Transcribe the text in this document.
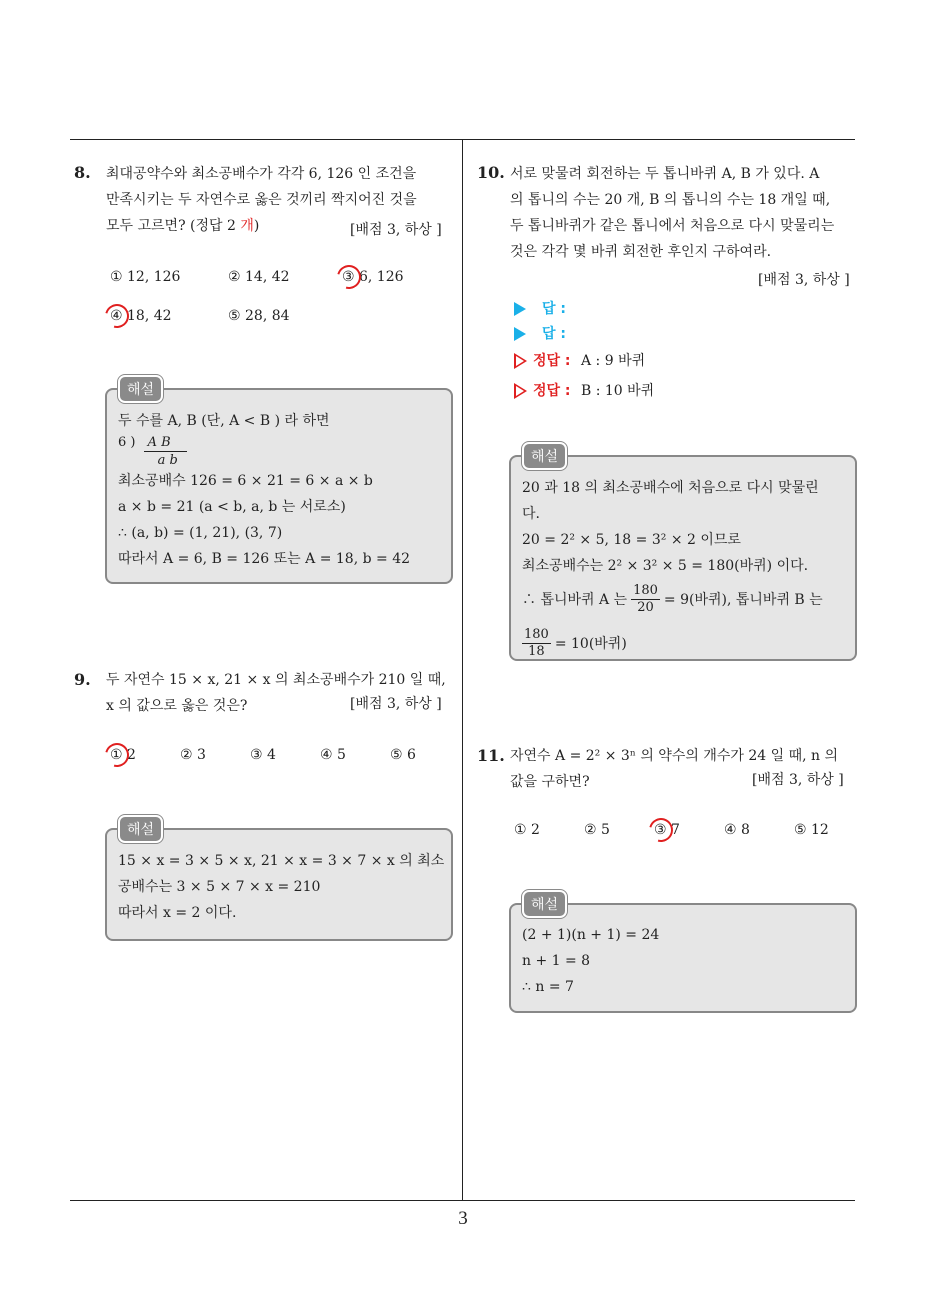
8. 최대공약수와 최소공배수가 각각 6, 126 인 조건을
만족시키는 두 자연수로 옳은 것끼리 짝지어진 것을
모두 고르면? (정답 2 개)	[배점 3, 하상 ]
① 12, 126	② 14, 42	③ 6, 126
④ 18, 42	⑤ 28, 84
두 수를 A, B (단, A < B ) 라 하면
6 ) $\frac{\text{A B}}{\text{a b}}$
최소공배수 126 = 6 × 21 = 6 × a × b
a × b = 21 (a < b, a, b 는 서로소)
∴ (a, b) = (1, 21), (3, 7)
따라서 A = 6, B = 126 또는 A = 18, b = 42
해설
9. 두 자연수 15 × x, 21 × x 의 최소공배수가 210 일 때,
x 의 값으로 옳은 것은?	[배점 3, 하상 ]
① 2	② 3	③ 4	④ 5	⑤ 6
15 × x = 3 × 5 × x, 21 × x = 3 × 7 × x 의 최소
공배수는 3 × 5 × 7 × x = 210
따라서 x = 2 이다.
해설
10. 서로 맞물려 회전하는 두 톱니바퀴 A, B 가 있다. A
의 톱니의 수는 20 개, B 의 톱니의 수는 18 개일 때,
두 톱니바퀴가 같은 톱니에서 처음으로 다시 맞물리는
것은 각각 몇 바퀴 회전한 후인지 구하여라.
[배점 3, 하상 ]
답 :
답 :
정답 : A : 9 바퀴
정답 : B : 10 바퀴
20 과 18 의 최소공배수에 처음으로 다시 맞물린
다.
20 = 2² × 5, 18 = 3² × 2 이므로
최소공배수는 2² × 3² × 5 = 180(바퀴) 이다.
∴ 톱니바퀴 A 는 $\frac{180}{20} = 9$(바퀴), 톱니바퀴 B 는
$\frac{180}{18} = 10$(바퀴)
해설
11. 자연수 A = 2² × 3ⁿ 의 약수의 개수가 24 일 때, n 의
값을 구하면?	[배점 3, 하상 ]
① 2	② 5	③ 7	④ 8	⑤ 12
(2 + 1)(n + 1) = 24
n + 1 = 8
∴ n = 7
해설
3
